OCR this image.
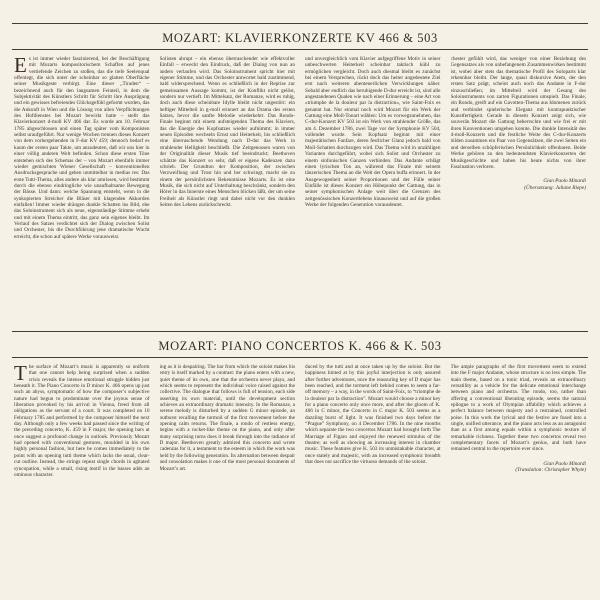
MOZART: KLAVIERKONZERTE KV 466 & 503
E s ist immer wieder faszinierend, bei der Beschäftigung mit Mozarts kompositorischem Schaffen auf jenes vertiefende Zeichen zu stoßen, das die tiefe Seelenqual offenlegt, die sich unter der scheinbar so glatten Oberfläche seiner Musikgeste verbirgt. Eine dieser „Tiraden“ – bezeichnend auch für den langsamen Feinteil, in dem die Subjektivität des Künstlers Schritt für Schritt ihre Ausprägung und ein gewisses befreiendes Glücksgefühl geformt wurden, das die Ankunft in Wien und die Lösung von allen Verpflichtungen des Hofdienstes bei Mozart bewirkt hatte – stellt das Klavierkonzert d-moll KV 466 dar. Es wurde am 10. Februar 1785 abgeschlossen und einen Tag später vom Komponisten selbst uraufgeführt. Nur wenige Wochen trennen dieses Konzert von dem vorhergehenden in F-dur KV 459; dennoch bedarf es kaum der ersten paar Takte, um anzudeuten, daß wir uns hier in einer völlig anderen Welt befinden. Schon diese ersten Töne entstehen sich des Schemas der – von Mozart ebenfalls immer wieder gemischten Wiener Gesellschaft – konventionellen Ausdrucksgesprache und gehen unmittelbar in medias res: Das erste Tutti-Thema, alles andere als klar umrissen, wird bestimmt durch die ebenso eindringliche wie unaufhaltsame Bewegung der Bässe. Und dann: welche Spannung entsteht, wenn in die synkopierten Streicher die Bläser mit klagenden Akkorden einfallen! Immer wieder drängen dunkle Schatten ins Bild, ehe das Soloinstrument sich als neue, eigenständige Stimme erhebt und mit einem Thema eintritt, das ganz sein eigenes bleibt. Im Verlauf des Satzes verdichtet sich der Dialog zwischen Solist und Orchester, bis die Durchführung jene dramatische Wucht erreicht, die schon auf spätere Werke vorausweist.

Solisten abrupt – ein ebenso überraschender wie effektvoller Einfall – erweckt den Eindruck, daß der Dialog von nun an anders verlaufen wird. Das Soloinstrument spricht hier mit eigener Stimme, und das Orchester antwortet bald zustimmend, bald widersprechend. Wenn es schließlich in der Reprise zur gemeinsamen Aussage kommt, ist der Konflikt nicht gelöst, sondern nur vertieft. Im Mittelsatz, der Romanze, wird es ruhig, doch auch diese scheinbare Idylle bleibt nicht ungestört: ein heftiger Mittelteil in g-moll erinnert an das Drama des ersten Satzes, bevor die sanfte Melodie wiederkehrt. Das Rondo-Finale beginnt mit einem aufsteigenden Thema des Klaviers, das die Energie des Kopfsatzes wieder aufnimmt; in immer neuen Episoden wechseln Ernst und Heiterkeit, bis schließlich eine überraschende Wendung nach D-dur das Werk in strahlender Helligkeit beschließt. Die Zeitgenossen waren von der Originalität dieser Musik tief beeindruckt; Beethoven schätzte das Konzert so sehr, daß er eigene Kadenzen dazu schrieb. Der Grundton der Komposition, der zwischen Verzweiflung und Trost hin und her schwingt, macht sie zu einem der persönlichsten Bekenntnisse Mozarts. Es ist eine Musik, die sich nicht auf Unterhaltung beschränkt, sondern den Hörer in das Innerste eines Menschen blicken läßt, der um seine Freiheit als Künstler ringt und dabei nicht vor den dunklen Seiten des Lebens zurückschreckt.

und unvergleichlich vom Klavier aufgegriffene Motiv in seiner unbeschwerten Heiterkeit scheinbar taktisch kühl zu ermöglichen vergleicht. Doch auch diesmal bleibt es zunächst bei einem Versprechen, rückt doch das heiter angedeutete Ziel erst nach weiteren abenteuerlichen Verwicklungen näher. Sobald aber endlich das beruhigende D-dur erreicht ist, sind alle angestandenen Qualen wie nach einer Erinnerung – eine Art von »triumphe de la douleur par la distraction«, wie Saint-Foix es genannt hat. Nur einmal noch wird Mozart für ein Werk der Gattung eine Moll-Tonart wählen: Um es vorwegzunehmen, das C-dur-Konzert KV 503 ist ein Werk von strahlender Größe, das am 4. Dezember 1786, zwei Tage vor der Symphonie KV 504, vollendet wurde. Sein Kopfsatz beginnt mit einer majestätischen Fanfare, deren festlicher Glanz jedoch bald von Moll-Schatten durchzogen wird. Das Thema wird in unzähligen Varianten durchgeführt, wobei sich Solist und Orchester zu einem sinfonischen Ganzen verbinden. Das Andante schlägt einen lyrischen Ton an, während das Finale mit seinem tänzerischen Thema an die Welt der Opera buffa erinnert. In der Ausgewogenheit seiner Proportionen und der Fülle seiner Einfälle ist dieses Konzert ein Höhepunkt der Gattung, das in seiner symphonischen Anlage weit über die Grenzen des zeitgenössischen Konzertlebens hinausweist und auf die großen Werke der folgenden Generation vorausdeutet.

chester gefühlt wird, das weniger von einer Beziehung des Gegensatzes als von unbefangenem Zusammenwirken bestimmt ist, wobei aber stets das thematische Profil des Soloparts klar erkennbar bleibt. Der lange, quasi diskursive Atem, der den ersten Satz prägt, scheint auch noch das Andante in F-dur einzuschließen; im Mittelteil wird der Gesang des Soloinstruments von zarten Figurationen umspielt. Das Finale, ein Rondo, greift auf ein Gavotten-Thema aus Idomeneo zurück und verbindet spielerische Eleganz mit kontrapunktischer Kunstfertigkeit. Gerade in diesem Konzert zeigt sich, wie souverän Mozart die Gattung beherrschte und wie frei er mit ihren Konventionen umgehen konnte. Die dunkle Intensität des d-moll-Konzerts und die festliche Weite des C-dur-Konzerts bilden zusammen ein Paar von Gegensätzen, die zwei Seiten ein und derselben schöpferischen Persönlichkeit offenbaren. Beide Werke gehören zu den bedeutendsten Klavierkonzerten der Musikgeschichte und haben bis heute nichts von ihrer Faszination verloren.

Gian Paolo Minardi
(Übersetzung: Juliane Riepe)
MOZART: PIANO CONCERTOS K. 466 & K. 503
T he surface of Mozart’s music is apparently so uniform that one cannot help being surprised when a sudden crisis reveals the intense emotional struggle hidden just beneath it. The Piano Concerto in D minor K. 466 opens up just such an abyss, symptomatic of how the composer’s subjective nature had begun to predominate over the joyous sense of liberation provoked by his arrival in Vienna, freed from all obligations as the servant of a court. It was completed on 10 February 1785 and performed by the composer himself the next day. Although only a few weeks had passed since the writing of the preceding concerto, K. 459 in F major, the opening bars at once suggest a profound change in outlook. Previously Mozart had opened with conventional gestures, moulded in his own highly personal fashion, but here he comes immediately to the point with an opening tutti theme which lacks the usual, clear-cut outline. Instead, the strings repeat single chords in agitated syncopation, while a small, rising motif in the basses adds an ominous character.

ing as it is despairing. The bar from which the soloist makes his entry is itself marked by a contrast: the piano enters with a new, quiet theme of its own, one that the orchestra never plays, and which seems to represent the individual voice raised against the collective. The dialogue that follows is full of tension, each side asserting its own material, until the development section achieves an extraordinary dramatic intensity. In the Romanze, a serene melody is disturbed by a sudden G minor episode, an outburst recalling the turmoil of the first movement before the opening calm returns. The finale, a rondo of restless energy, begins with a rocket-like theme on the piano, and only after many surprising turns does it break through into the radiance of D major. Beethoven greatly admired this concerto and wrote cadenzas for it, a testament to the esteem in which the work was held by the following generation. Its alternation between despair and consolation makes it one of the most personal documents of Mozart’s art.

duced by the tutti and at once taken up by the soloist. But the happiness hinted at by this joyful interjection is only assured after further adventures, once the reassuring key of D major has been reached, and the torment left behind comes to seem a far-off memory – a way, in the words of Saint-Foix, to “triomphe de la douleur par la distraction”. Mozart would choose a minor key for a piano concerto only once more, and after the gloom of K. 466 in C minor, the Concerto in C major K. 503 seems as a dazzling burst of light. It was finished two days before the “Prague” Symphony, on 4 December 1786. In the nine months which separate the two concertos Mozart had brought forth The Marriage of Figaro and enjoyed the renewed stimulus of the theatre; as well as showing an increasing interest in chamber music. These features give K. 503 its unmistakable character, at once stately and majestic, with an increased symphonic breadth that does not sacrifice the virtuoso demands of the soloist.

The ample paragraphs of the first movement seem to extend into the F major Andante, whose structure is no less simple. The main theme, based on a tonic triad, reveals an extraordinary versatility as a vehicle for the delicate emotional interchange between piano and orchestra. The rondo, too, rather than offering a conventional liberating episode, seems the natural epilogue to a work of Olympian affability which achieves a perfect balance between majesty and a restrained, controlled poise. In this work the lyrical and the festive are fused into a single, unified utterance, and the piano acts less as an antagonist than as a first among equals within a symphonic texture of remarkable richness. Together these two concertos reveal two complementary facets of Mozart’s genius, and both have remained central to the repertoire ever since.

Gian Paolo Minardi
(Translation: Christopher Whyte)
